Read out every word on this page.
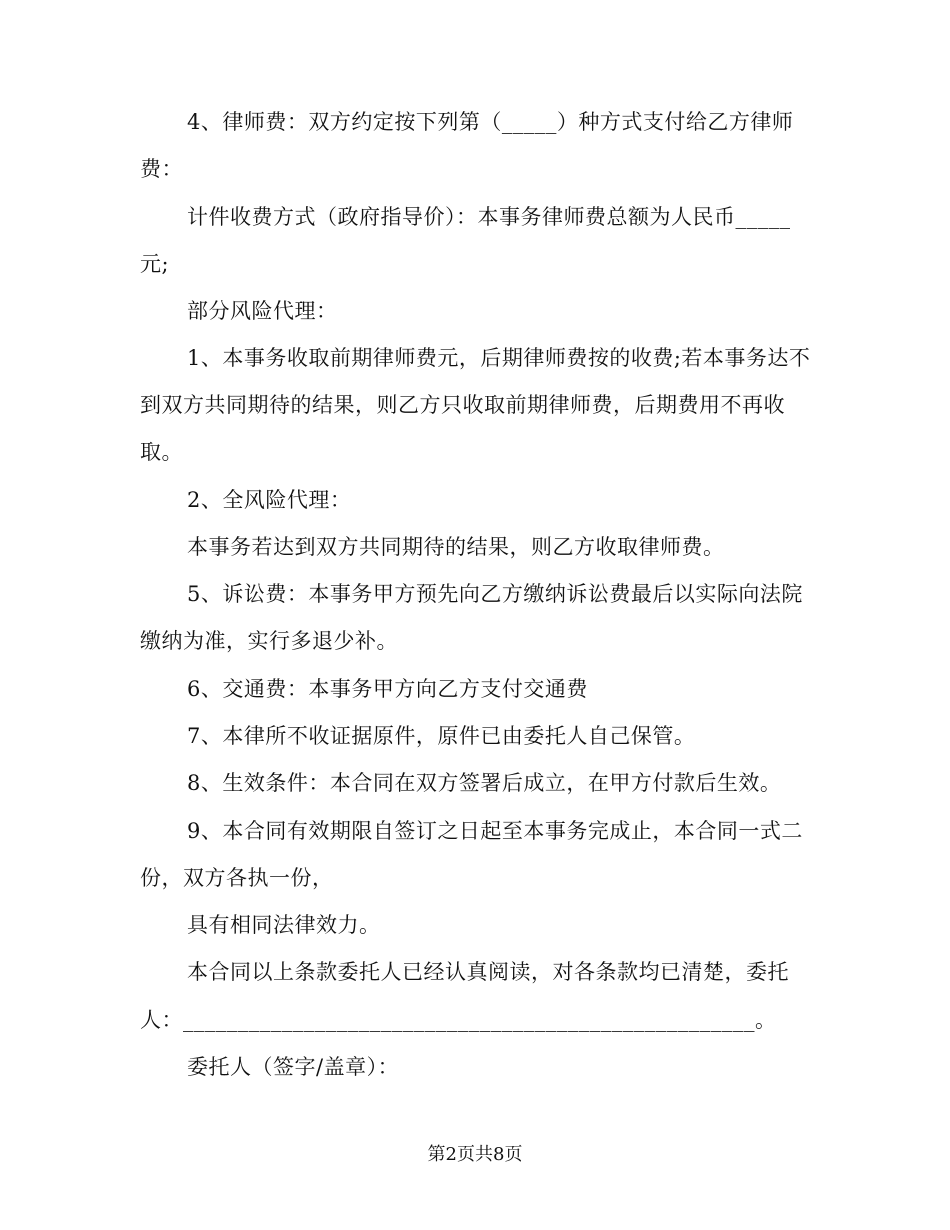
4、律师费：双方约定按下列第（_____）种方式支付给乙方律师
费：
计件收费方式（政府指导价）：本事务律师费总额为人民币_____
元;
部分风险代理：
1、本事务收取前期律师费元，后期律师费按的收费;若本事务达不
到双方共同期待的结果，则乙方只收取前期律师费，后期费用不再收
取。
2、全风险代理：
本事务若达到双方共同期待的结果，则乙方收取律师费。
5、诉讼费：本事务甲方预先向乙方缴纳诉讼费最后以实际向法院
缴纳为准，实行多退少补。
6、交通费：本事务甲方向乙方支付交通费
7、本律所不收证据原件，原件已由委托人自己保管。
8、生效条件：本合同在双方签署后成立，在甲方付款后生效。
9、本合同有效期限自签订之日起至本事务完成止，本合同一式二
份，双方各执一份，
具有相同法律效力。
本合同以上条款委托人已经认真阅读，对各条款均已清楚，委托
人：____________________________________________________。
委托人（签字/盖章）：
第2页共8页
